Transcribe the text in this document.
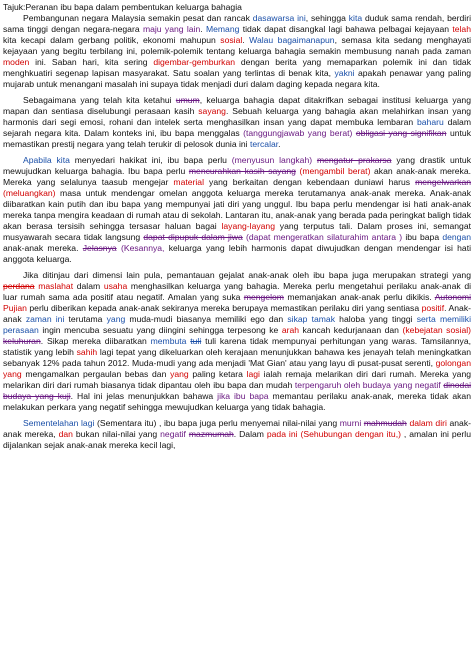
Tajuk:Peranan ibu bapa dalam pembentukan keluarga bahagia

Pembangunan negara Malaysia semakin pesat dan rancak dasawarsa ini, sehingga kita duduk sama rendah, berdiri sama tinggi dengan negara-negara maju yang lain. Memang tidak dapat disangkal lagi bahawa pelbagai kejayaan telah kita kecapi dalam gerbang politik, ekonomi mahupun sosial. Walau bagaimanapun, semasa kita sedang menghayati kejayaan yang begitu terbilang ini, polemik-polemik tentang keluarga bahagia semakin membusung nanah pada zaman moden ini. Saban hari, kita sering digembar-gemburkan dengan berita yang memaparkan polemik ini dan tidak menghkuatiri segenap lapisan masyarakat. Satu soalan yang terlintas di benak kita, yakni apakah penawar yang paling mujarab untuk menangani masalah ini supaya tidak menjadi duri dalam daging kepada negara kita.

Sebagaimana yang telah kita ketahui umum, keluarga bahagia dapat ditakrifkan sebagai institusi keluarga yang mapan dan sentiasa diselubungi perasaan kasih sayang. Sebuah keluarga yang bahagia akan melahirkan insan yang harmonis dari segi emosi, rohani dan intelek serta menghasilkan insan yang dapat membuka lembaran baharu dalam sejarah negara kita. Dalam konteks ini, ibu bapa menggalas (tanggungjawab yang berat) obligasi yang signifikan untuk memastikan prestij negara yang telah terukir di pelosok dunia ini tercalar.

Apabila kita menyedari hakikat ini, ibu bapa perlu (menyusun langkah) mengatur prakarsa yang drastik untuk mewujudkan keluarga bahagia. Ibu bapa perlu mencurahkan kasih sayang (mengambil berat) akan anak-anak mereka. Mereka yang selalunya taasub mengejar material yang berkaitan dengan kebendaan duniawi harus mengelwarkan (meluangkan) masa untuk mendengar omelan anggota keluarga mereka terutamanya anak-anak mereka. Anak-anak diibaratkan kain putih dan ibu bapa yang mempunyai jati diri yang unggul. Ibu bapa perlu mendengar isi hati anak-anak mereka tanpa mengira keadaan di rumah atau di sekolah. Lantaran itu, anak-anak yang berada pada peringkat baligh tidak akan berasa tersisih sehingga tersasar haluan bagai layang-layang yang terputus tali. Dalam proses ini, semangat musyawarah secara tidak langsung dapat dipupuk dalam jiwa (dapat mengeratkan silaturahim antara ) ibu bapa dengan anak-anak mereka. Jelasnya (Kesannya, keluarga yang lebih harmonis dapat diwujudkan dengan mendengar isi hati anggota keluarga.

Jika ditinjau dari dimensi lain pula, pemantauan gejalat anak-anak oleh ibu bapa juga merupakan strategi yang perdana maslahat dalam usaha menghasilkan keluarga yang bahagia. Mereka perlu mengetahui perilaku anak-anak di luar rumah sama ada positif atau negatif. Amalan yang suka mengelom memanjakan anak-anak perlu dikikis. Autonomi Pujian perlu diberikan kepada anak-anak sekiranya mereka berupaya memastikan perilaku diri yang sentiasa positif. Anak-anak zaman ini terutama yang muda-mudi biasanya memiliki ego dan sikap tamak haloba yang tinggi serta memiliki perasaan ingin mencuba sesuatu yang diingini sehingga terpesong ke arah kancah kedurjanaan dan (kebejatan sosial) keluhuran. Sikap mereka diibaratkan membuta tuli tuli karena tidak mempunyai perhitungan yang waras. Tamsilannya, statistik yang lebih sahih lagi tepat yang dikeluarkan oleh kerajaan menunjukkan bahawa kes jenayah telah meningkatkan sebanyak 12% pada tahun 2012. Muda-mudi yang ada menjadi 'Mat Gian' atau yang layu di pusat-pusat serenti, golongan yang mengamalkan pergaulan bebas dan yang paling ketara lagi ialah remaja melarikan diri dari rumah. Mereka yang melarikan diri dari rumah biasanya tidak dipantau oleh ibu bapa dan mudah terpengaruh oleh budaya yang negatif dinodai budaya yang kuji. Hal ini jelas menunjukkan bahawa jika ibu bapa memantau perilaku anak-anak, mereka tidak akan melakukan perkara yang negatif sehingga mewujudkan keluarga yang tidak bahagia.

Sementelahan lagi (Sementara itu) , ibu bapa juga perlu menyemai nilai-nilai yang murni mahmudah dalam diri anak-anak mereka, dan bukan nilai-nilai yang negatif mazmumah. Dalam pada ini (Sehubungan dengan itu,) , amalan ini perlu dijalankan sejak anak-anak mereka kecil lagi,
